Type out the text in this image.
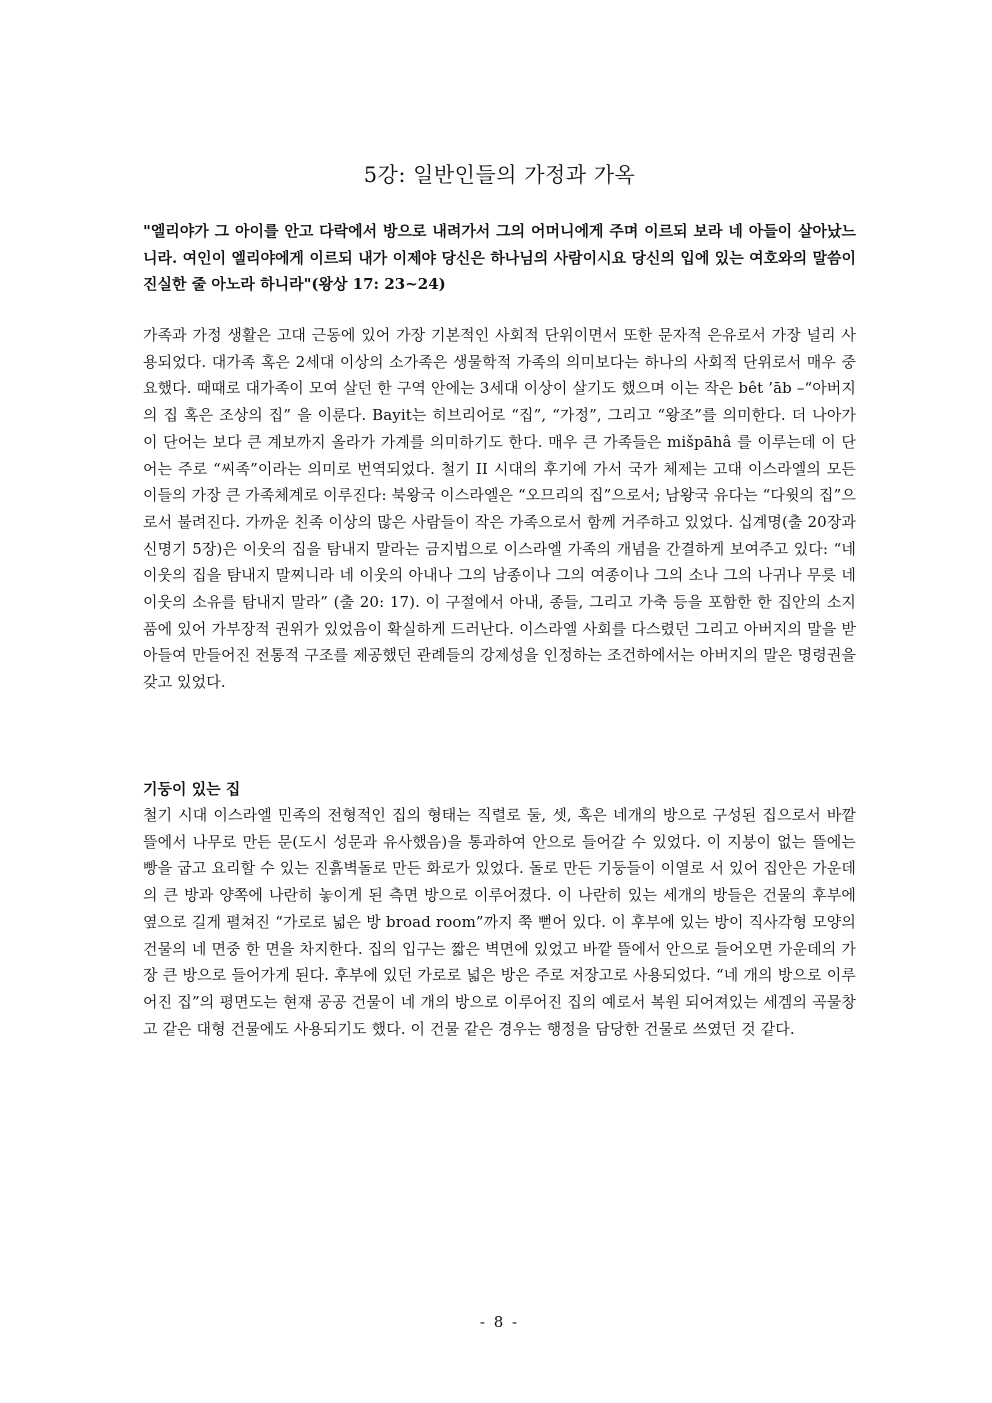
5강: 일반인들의 가정과 가옥

"엘리야가 그 아이를 안고 다락에서 방으로 내려가서 그의 어머니에게 주며 이르되 보라 네 아들이 살아났느니라. 여인이 엘리야에게 이르되 내가 이제야 당신은 하나님의 사람이시요 당신의 입에 있는 여호와의 말씀이 진실한 줄 아노라 하니라"(왕상 17: 23~24)

가족과 가정 생활은 고대 근동에 있어 가장 기본적인 사회적 단위이면서 또한 문자적 은유로서 가장 널리 사용되었다. 대가족 혹은 2세대 이상의 소가족은 생물학적 가족의 의미보다는 하나의 사회적 단위로서 매우 중요했다. 때때로 대가족이 모여 살던 한 구역 안에는 3세대 이상이 살기도 했으며 이는 작은 bêt ’āb –“아버지의 집 혹은 조상의 집” 을 이룬다. Bayit는 히브리어로 “집”, “가정”, 그리고 “왕조”를 의미한다. 더 나아가 이 단어는 보다 큰 계보까지 올라가 가계를 의미하기도 한다. 매우 큰 가족들은 mišpāhâ 를 이루는데 이 단어는 주로 “씨족”이라는 의미로 번역되었다. 철기 II 시대의 후기에 가서 국가 체제는 고대 이스라엘의 모든 이들의 가장 큰 가족체계로 이루진다: 북왕국 이스라엘은 “오므리의 집”으로서; 남왕국 유다는 “다윗의 집”으로서 불려진다. 가까운 친족 이상의 많은 사람들이 작은 가족으로서 함께 거주하고 있었다. 십계명(출 20장과 신명기 5장)은 이웃의 집을 탐내지 말라는 금지법으로 이스라엘 가족의 개념을 간결하게 보여주고 있다: “네 이웃의 집을 탐내지 말찌니라 네 이웃의 아내나 그의 남종이나 그의 여종이나 그의 소나 그의 나귀나 무릇 네 이웃의 소유를 탐내지 말라” (출 20: 17). 이 구절에서 아내, 종들, 그리고 가축 등을 포함한 한 집안의 소지품에 있어 가부장적 권위가 있었음이 확실하게 드러난다. 이스라엘 사회를 다스렸던 그리고 아버지의 말을 받아들여 만들어진 전통적 구조를 제공했던 관례들의 강제성을 인정하는 조건하에서는 아버지의 말은 명령권을 갖고 있었다.

기둥이 있는 집

철기 시대 이스라엘 민족의 전형적인 집의 형태는 직렬로 둘, 셋, 혹은 네개의 방으로 구성된 집으로서 바깥 뜰에서 나무로 만든 문(도시 성문과 유사했음)을 통과하여 안으로 들어갈 수 있었다. 이 지붕이 없는 뜰에는 빵을 굽고 요리할 수 있는 진흙벽돌로 만든 화로가 있었다. 돌로 만든 기둥들이 이열로 서 있어 집안은 가운데의 큰 방과 양쪽에 나란히 놓이게 된 측면 방으로 이루어졌다. 이 나란히 있는 세개의 방들은 건물의 후부에 옆으로 길게 펼쳐진 “가로로 넓은 방 broad room”까지 쭉 뻗어 있다. 이 후부에 있는 방이 직사각형 모양의 건물의 네 면중 한 면을 차지한다. 집의 입구는 짧은 벽면에 있었고 바깥 뜰에서 안으로 들어오면 가운데의 가장 큰 방으로 들어가게 된다. 후부에 있던 가로로 넓은 방은 주로 저장고로 사용되었다. “네 개의 방으로 이루어진 집”의 평면도는 현재 공공 건물이 네 개의 방으로 이루어진 집의 예로서 복원 되어져있는 세겜의 곡물창고 같은 대형 건물에도 사용되기도 했다. 이 건물 같은 경우는 행정을 담당한 건물로 쓰였던 것 같다.

- 8 -
